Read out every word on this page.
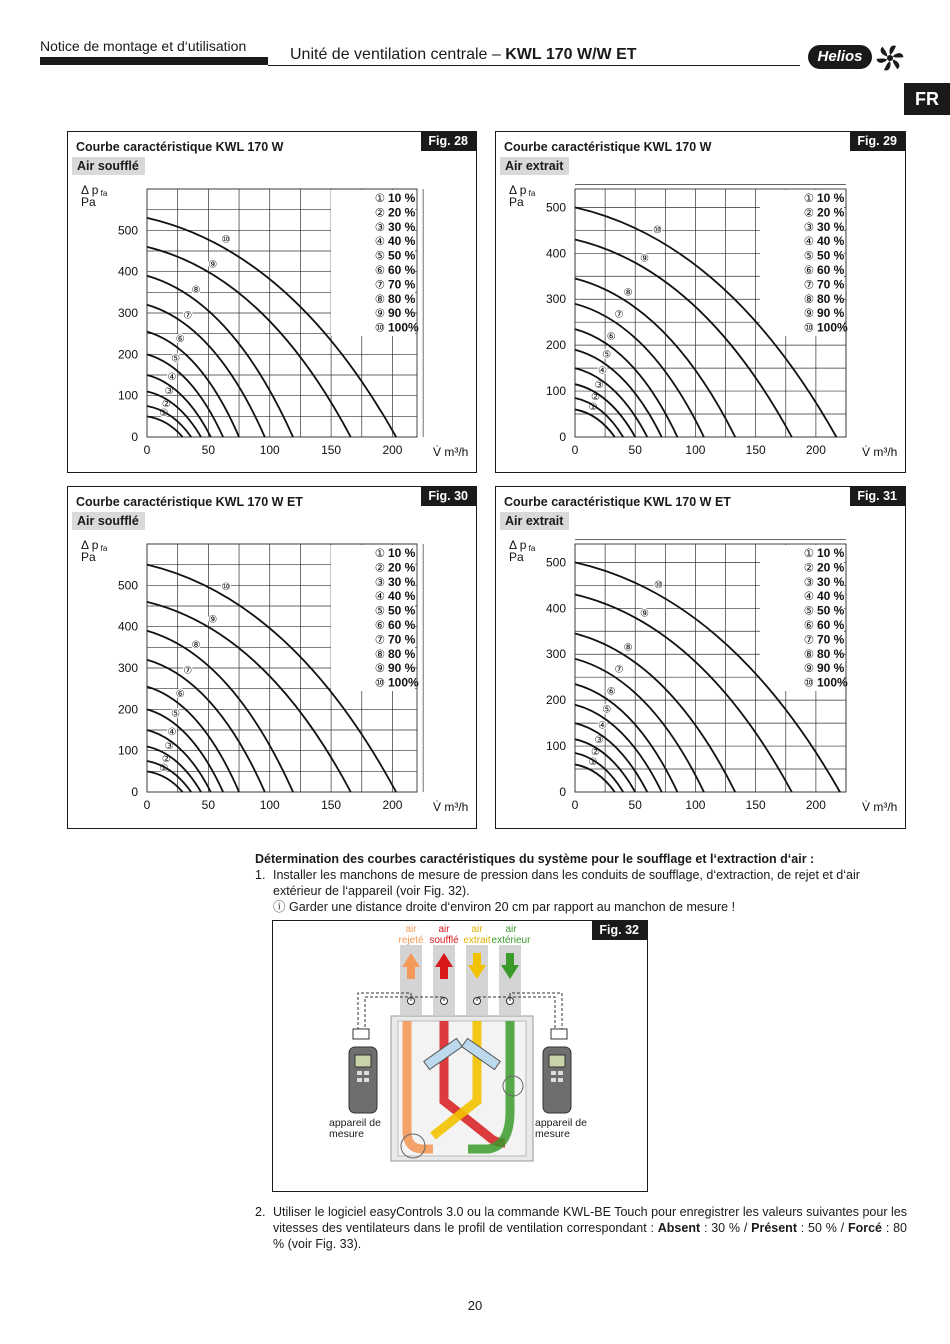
Notice de montage et d‘utilisation	Unité de ventilation centrale – KWL 170 W/W ET	Helios
FR
Courbe caractéristique KWL 170 W
Air soufflé
Fig. 28
①
②
③
④
⑤
⑥
⑦
⑧
⑨
⑩
0
100
200
300
400
500
0	50	100	150	200
Δ p fa Pa
V̇ m³/h
① 10 %
② 20 %
③ 30 %
④ 40 %
⑤ 50 %
⑥ 60 %
⑦ 70 %
⑧ 80 %
⑨ 90 %
⑩ 100%
Courbe caractéristique KWL 170 W
Air extrait
Fig. 29
①
②
③
④
⑤
⑥
⑦
⑧
⑨
⑩
0
100
200
300
400
500
0	50	100	150	200
Δ p fa Pa
V̇ m³/h
① 10 %
② 20 %
③ 30 %
④ 40 %
⑤ 50 %
⑥ 60 %
⑦ 70 %
⑧ 80 %
⑨ 90 %
⑩ 100%
Courbe caractéristique KWL 170 W ET
Air soufflé
Fig. 30
①
②
③
④
⑤
⑥
⑦
⑧
⑨
⑩
0
100
200
300
400
500
0	50	100	150	200
Δ p fa Pa
V̇ m³/h
① 10 %
② 20 %
③ 30 %
④ 40 %
⑤ 50 %
⑥ 60 %
⑦ 70 %
⑧ 80 %
⑨ 90 %
⑩ 100%
Courbe caractéristique KWL 170 W ET
Air extrait
Fig. 31
①
②
③
④
⑤
⑥
⑦
⑧
⑨
⑩
0
100
200
300
400
500
0	50	100	150	200
Δ p fa Pa
V̇ m³/h
① 10 %
② 20 %
③ 30 %
④ 40 %
⑤ 50 %
⑥ 60 %
⑦ 70 %
⑧ 80 %
⑨ 90 %
⑩ 100%
Détermination des courbes caractéristiques du système pour le soufflage et l‘extraction d‘air :
1. Installer les manchons de mesure de pression dans les conduits de soufflage, d‘extraction, de rejet et d‘air extérieur de l‘appareil (voir Fig. 32).
ⓘ Garder une distance droite d‘environ 20 cm par rapport au manchon de mesure !
air
rejeté
air
soufflé
air
extrait
air
extérieur
Fig. 32
appareil de mesure
appareil de mesure
2. Utiliser le logiciel easyControls 3.0 ou la commande KWL-BE Touch pour enregistrer les valeurs suivantes pour les vitesses des ventilateurs dans le profil de ventilation correspondant : Absent : 30 % / Présent : 50 % / Forcé : 80 % (voir Fig. 33).
20
